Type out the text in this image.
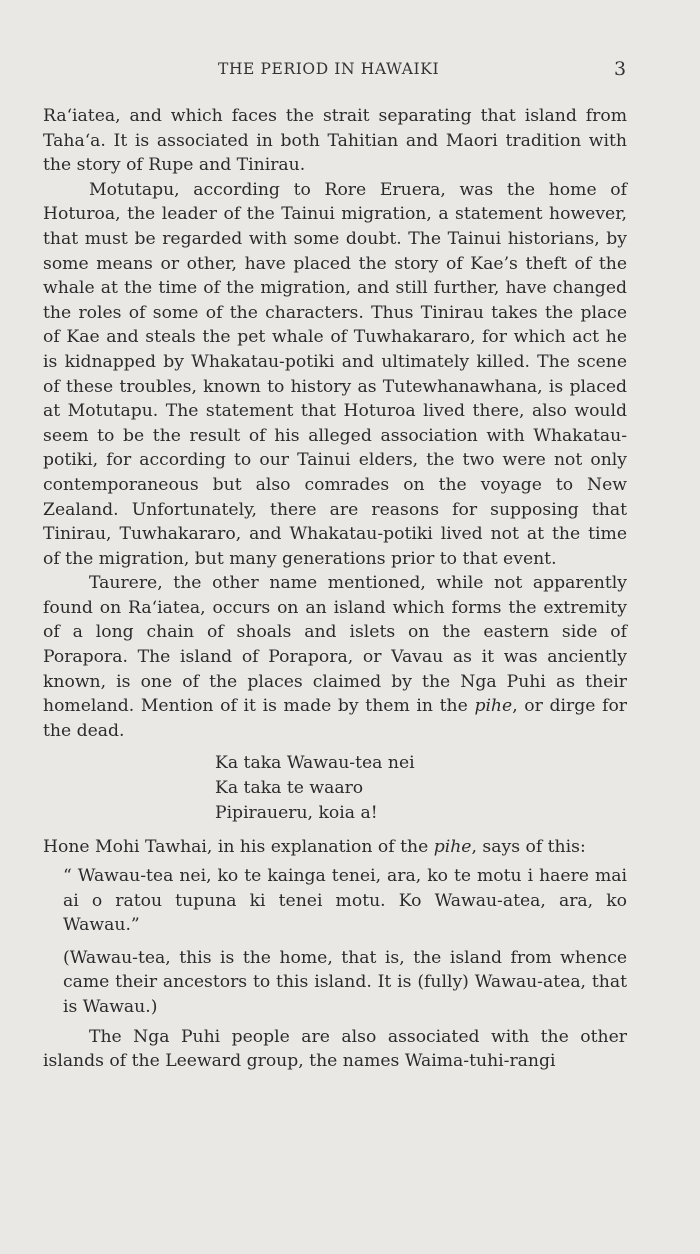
THE PERIOD IN HAWAIKI	3

Raʻiatea, and which faces the strait separating that island from Tahaʻa. It is associated in both Tahitian and Maori tradition with the story of Rupe and Tinirau.

Motutapu, according to Rore Eruera, was the home of Hoturoa, the leader of the Tainui migration, a statement however, that must be regarded with some doubt. The Tainui historians, by some means or other, have placed the story of Kae’s theft of the whale at the time of the migration, and still further, have changed the roles of some of the characters. Thus Tinirau takes the place of Kae and steals the pet whale of Tuwhakararo, for which act he is kidnapped by Whakatau-potiki and ultimately killed. The scene of these troubles, known to history as Tutewhanawhana, is placed at Motutapu. The statement that Hoturoa lived there, also would seem to be the result of his alleged association with Whakatau-potiki, for according to our Tainui elders, the two were not only contemporaneous but also comrades on the voyage to New Zealand. Unfortunately, there are reasons for supposing that Tinirau, Tuwhakararo, and Whakatau-potiki lived not at the time of the migration, but many generations prior to that event.

Taurere, the other name mentioned, while not apparently found on Raʻiatea, occurs on an island which forms the extremity of a long chain of shoals and islets on the eastern side of Porapora. The island of Porapora, or Vavau as it was anciently known, is one of the places claimed by the Nga Puhi as their homeland. Mention of it is made by them in the pihe, or dirge for the dead.

Ka taka Wawau-tea nei
Ka taka te waaro
Pipiraueru, koia a!

Hone Mohi Tawhai, in his explanation of the pihe, says of this:

“ Wawau-tea nei, ko te kainga tenei, ara, ko te motu i haere mai ai o ratou tupuna ki tenei motu. Ko Wawau-atea, ara, ko Wawau.”

(Wawau-tea, this is the home, that is, the island from whence came their ancestors to this island. It is (fully) Wawau-atea, that is Wawau.)

The Nga Puhi people are also associated with the other islands of the Leeward group, the names Waima-tuhi-rangi
